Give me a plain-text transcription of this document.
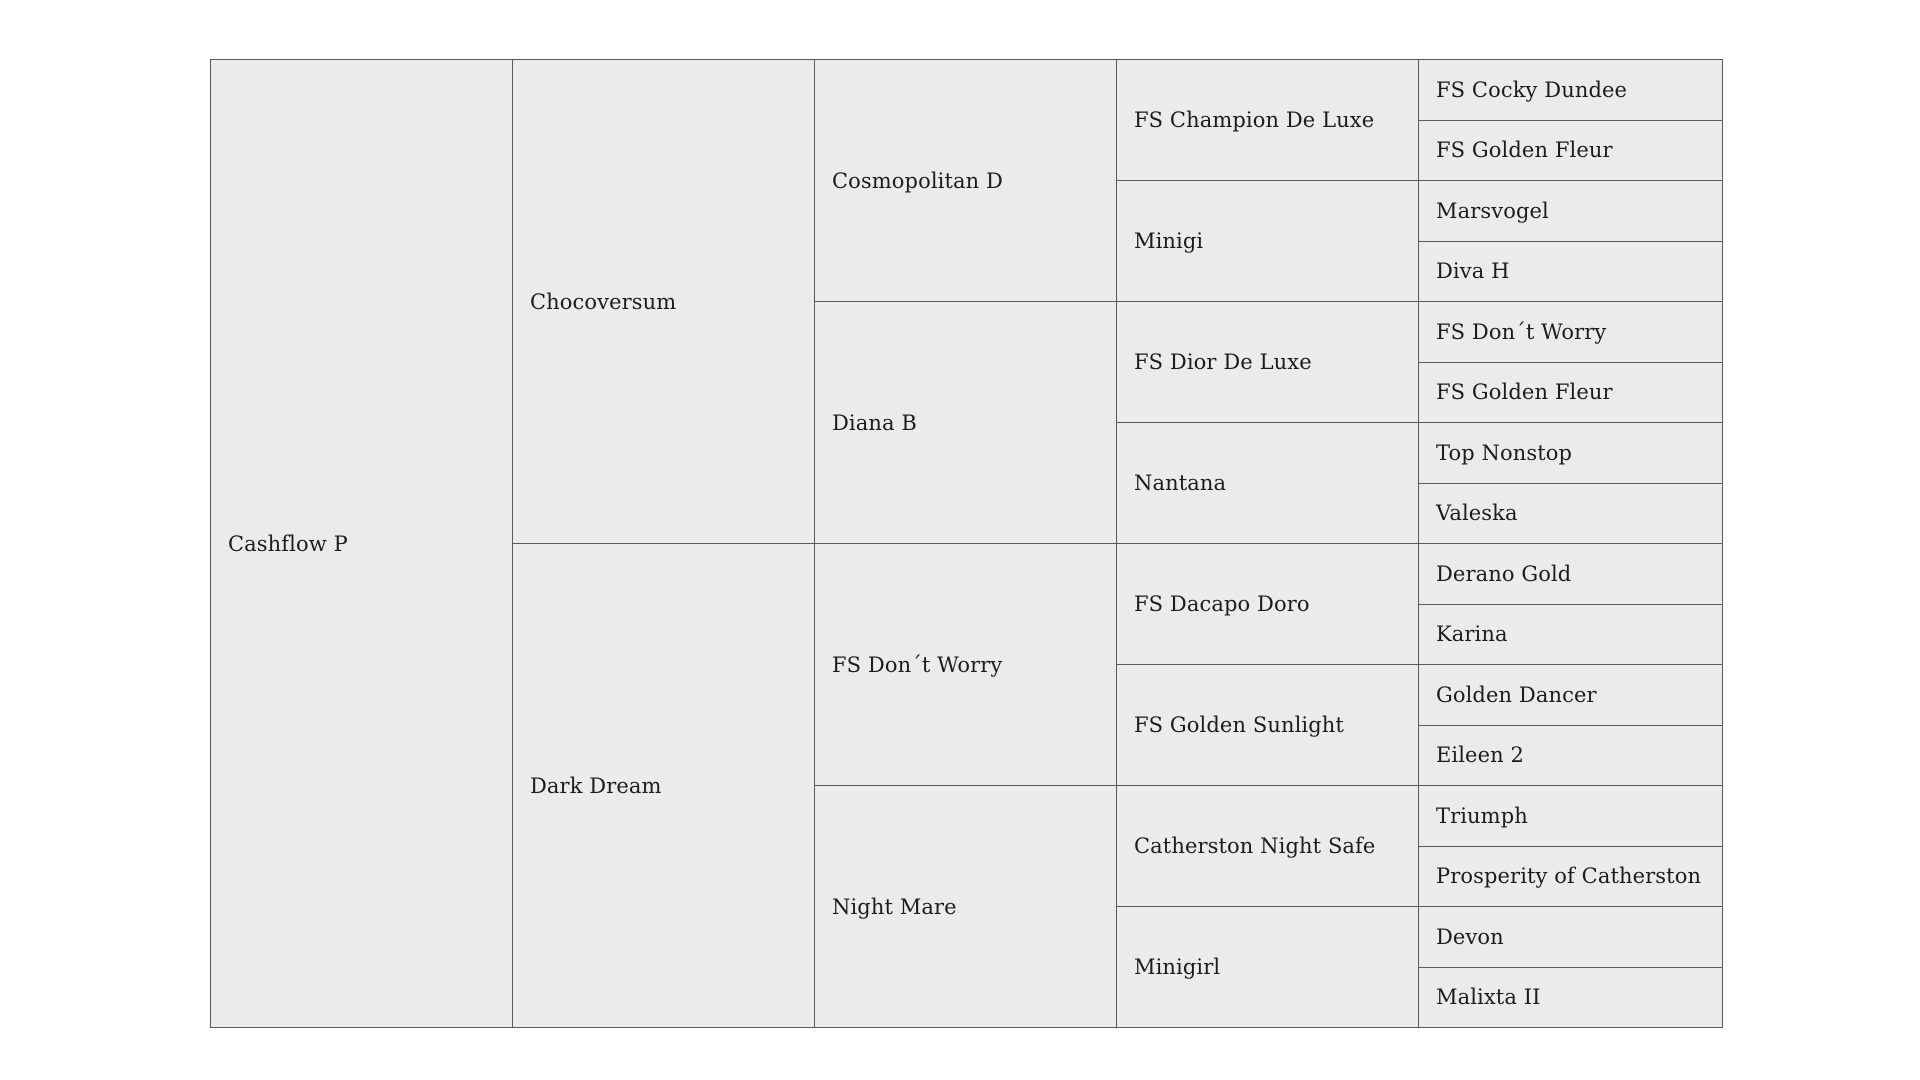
Cashflow P	Chocoversum	Cosmopolitan D	FS Champion De Luxe	FS Cocky Dundee
				FS Golden Fleur
			Minigi	Marsvogel
				Diva H
		Diana B	FS Dior De Luxe	FS Don´t Worry
				FS Golden Fleur
			Nantana	Top Nonstop
				Valeska
	Dark Dream	FS Don´t Worry	FS Dacapo Doro	Derano Gold
				Karina
			FS Golden Sunlight	Golden Dancer
				Eileen 2
		Night Mare	Catherston Night Safe	Triumph
				Prosperity of Catherston
			Minigirl	Devon
				Malixta II
